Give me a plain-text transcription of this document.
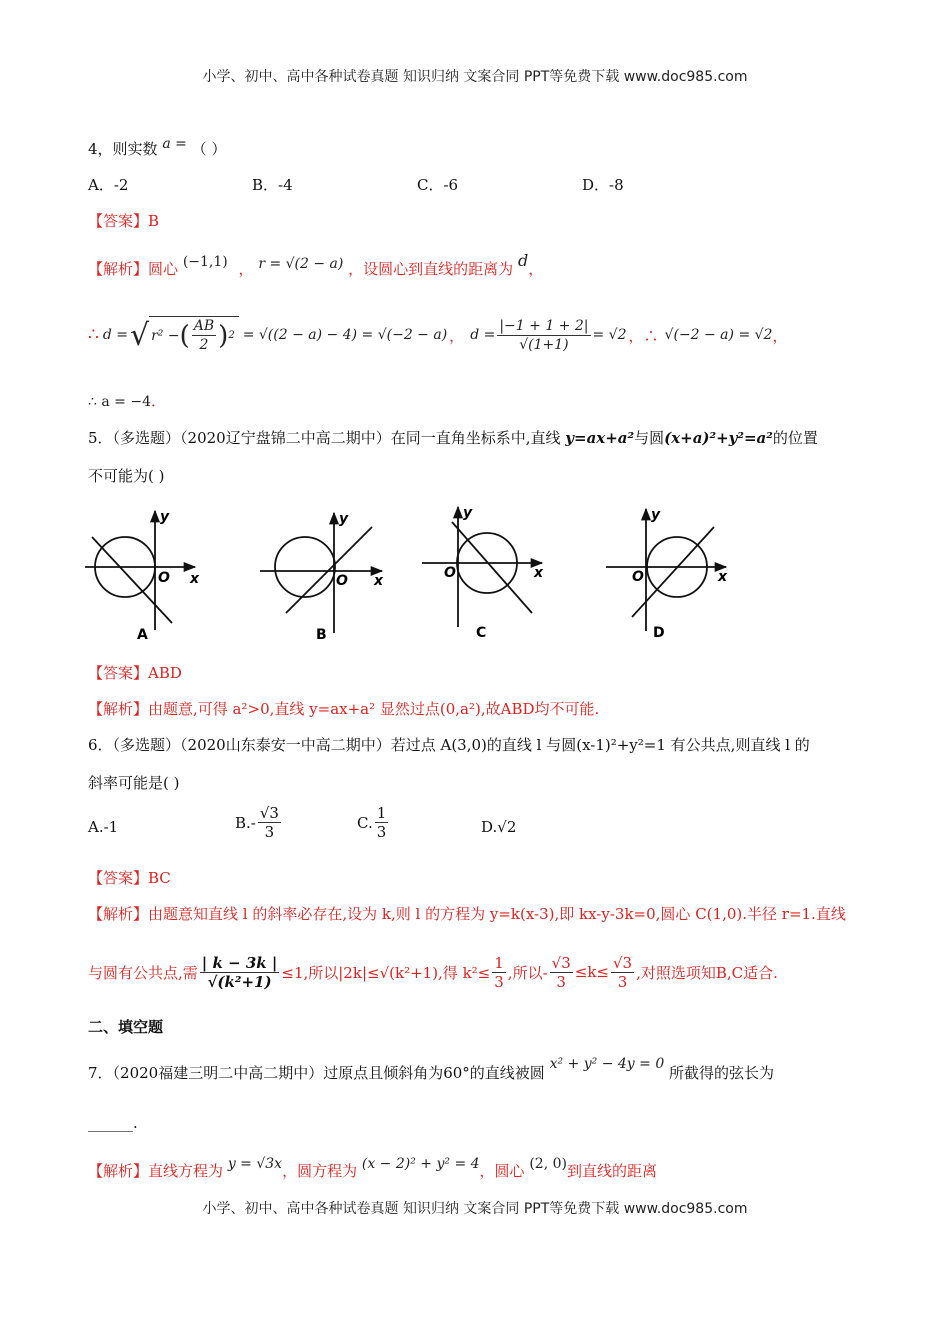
小学、初中、高中各种试卷真题 知识归纳 文案合同 PPT等免费下载 www.doc985.com
4，则实数 a = （ ）
A．-2	B．-4	C．-6	D．-8
【答案】B
【解析】圆心 (−1,1) ， r = √(2 − a) ，设圆心到直线的距离为 d，
∴ d = √ r² − ( $\frac{AB}{2}$ ) 2 = √((2 − a) − 4) = √(−2 − a) ， $d = \frac{|-1 + 1 + 2|}{√(1+1)} = √2$ ，∴ √(−2 − a) = √2 ，
∴ a = −4．
5．（多选题）（2020辽宁盘锦二中高二期中）在同一直角坐标系中,直线 y=ax+a²与圆(x+a)²+y²=a²的位置
不可能为( )
O x
y
A
O x
y
B
O	x
y
C
O	x
y
D
【答案】ABD
【解析】由题意,可得 a²>0,直线 y=ax+a² 显然过点(0,a²),故ABD均不可能.
6．（多选题）（2020山东泰安一中高二期中）若过点 A(3,0)的直线 l 与圆(x-1)²+y²=1 有公共点,则直线 l 的
斜率可能是( )
A.-1	$B.- \frac{√3}{3}$	C. $\frac{1}{3}$	D.√2
【答案】BC
【解析】由题意知直线 l 的斜率必存在,设为 k,则 l 的方程为 y=k(x-3),即 kx-y-3k=0,圆心 C(1,0).半径 r=1.直线
与圆有公共点,需 $\frac{| k - 3k |}{\text{√(k²+1)}} \le 1$,所以|2k|≤√(k²+1),得 $k^2\le \frac{1}{3}$ ,所以- $\frac{√3}{3} \le k\le \frac{√3}{3}$ ,对照选项知B,C适合.
二、填空题
7．（2020福建三明二中高二期中）过原点且倾斜角为60°的直线被圆 x² + y² − 4y = 0 所截得的弦长为
______.
【解析】直线方程为 y = √3x，圆方程为 (x − 2)² + y² = 4，圆心 (2, 0)到直线的距离
小学、初中、高中各种试卷真题 知识归纳 文案合同 PPT等免费下载 www.doc985.com
